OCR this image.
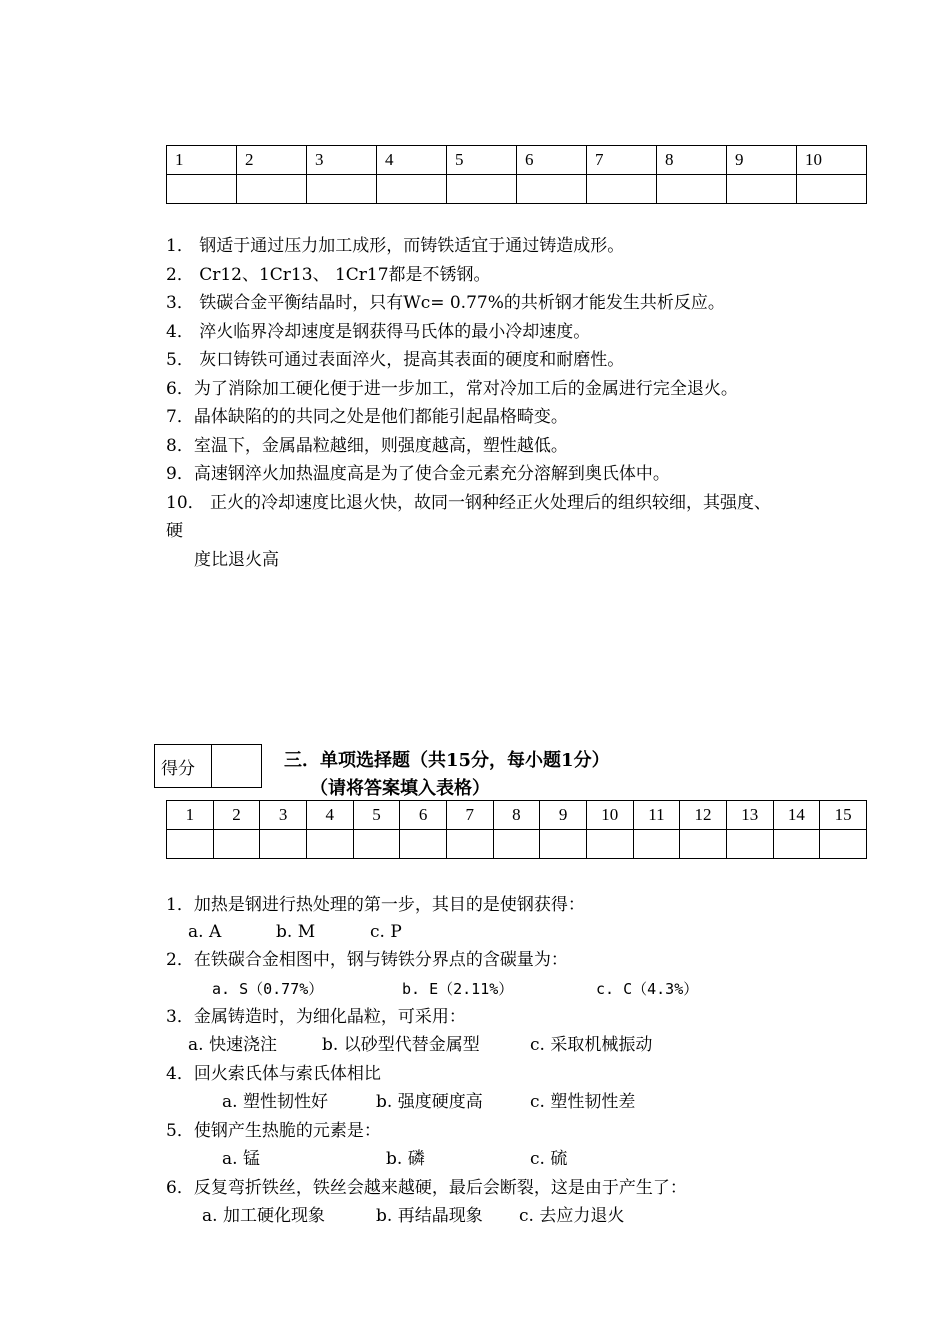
1	2	3	4	5	6	7	8	9	10

1． 钢适于通过压力加工成形，而铸铁适宜于通过铸造成形。
2． Cr12、1Cr13、 1Cr17都是不锈钢。
3． 铁碳合金平衡结晶时，只有Wc= 0.77%的共析钢才能发生共析反应。
4． 淬火临界冷却速度是钢获得马氏体的最小冷却速度。
5． 灰口铸铁可通过表面淬火，提高其表面的硬度和耐磨性。
6．为了消除加工硬化便于进一步加工，常对冷加工后的金属进行完全退火。
7．晶体缺陷的的共同之处是他们都能引起晶格畸变。
8．室温下，金属晶粒越细，则强度越高，塑性越低。
9．高速钢淬火加热温度高是为了使合金元素充分溶解到奥氏体中。
10． 正火的冷却速度比退火快，故同一钢种经正火处理后的组织较细，其强度、
硬
度比退火高
得分		三．单项选择题（共15分，每小题1分）
（请将答案填入表格）
1	2	3	4	5	6	7	8	9	10	11	12	13	14	15

1．加热是钢进行热处理的第一步，其目的是使钢获得：
a. A	b. M	c. P
2．在铁碳合金相图中，钢与铸铁分界点的含碳量为：
a. S（0.77%）	b. E（2.11%）	c. C（4.3%）
3．金属铸造时，为细化晶粒，可采用：
a. 快速浇注	b. 以砂型代替金属型	c. 采取机械振动
4．回火索氏体与索氏体相比
a. 塑性韧性好	b. 强度硬度高	c. 塑性韧性差
5．使钢产生热脆的元素是：
a. 锰	b. 磷	c. 硫
6．反复弯折铁丝，铁丝会越来越硬，最后会断裂，这是由于产生了：
a. 加工硬化现象	b. 再结晶现象 c. 去应力退火
